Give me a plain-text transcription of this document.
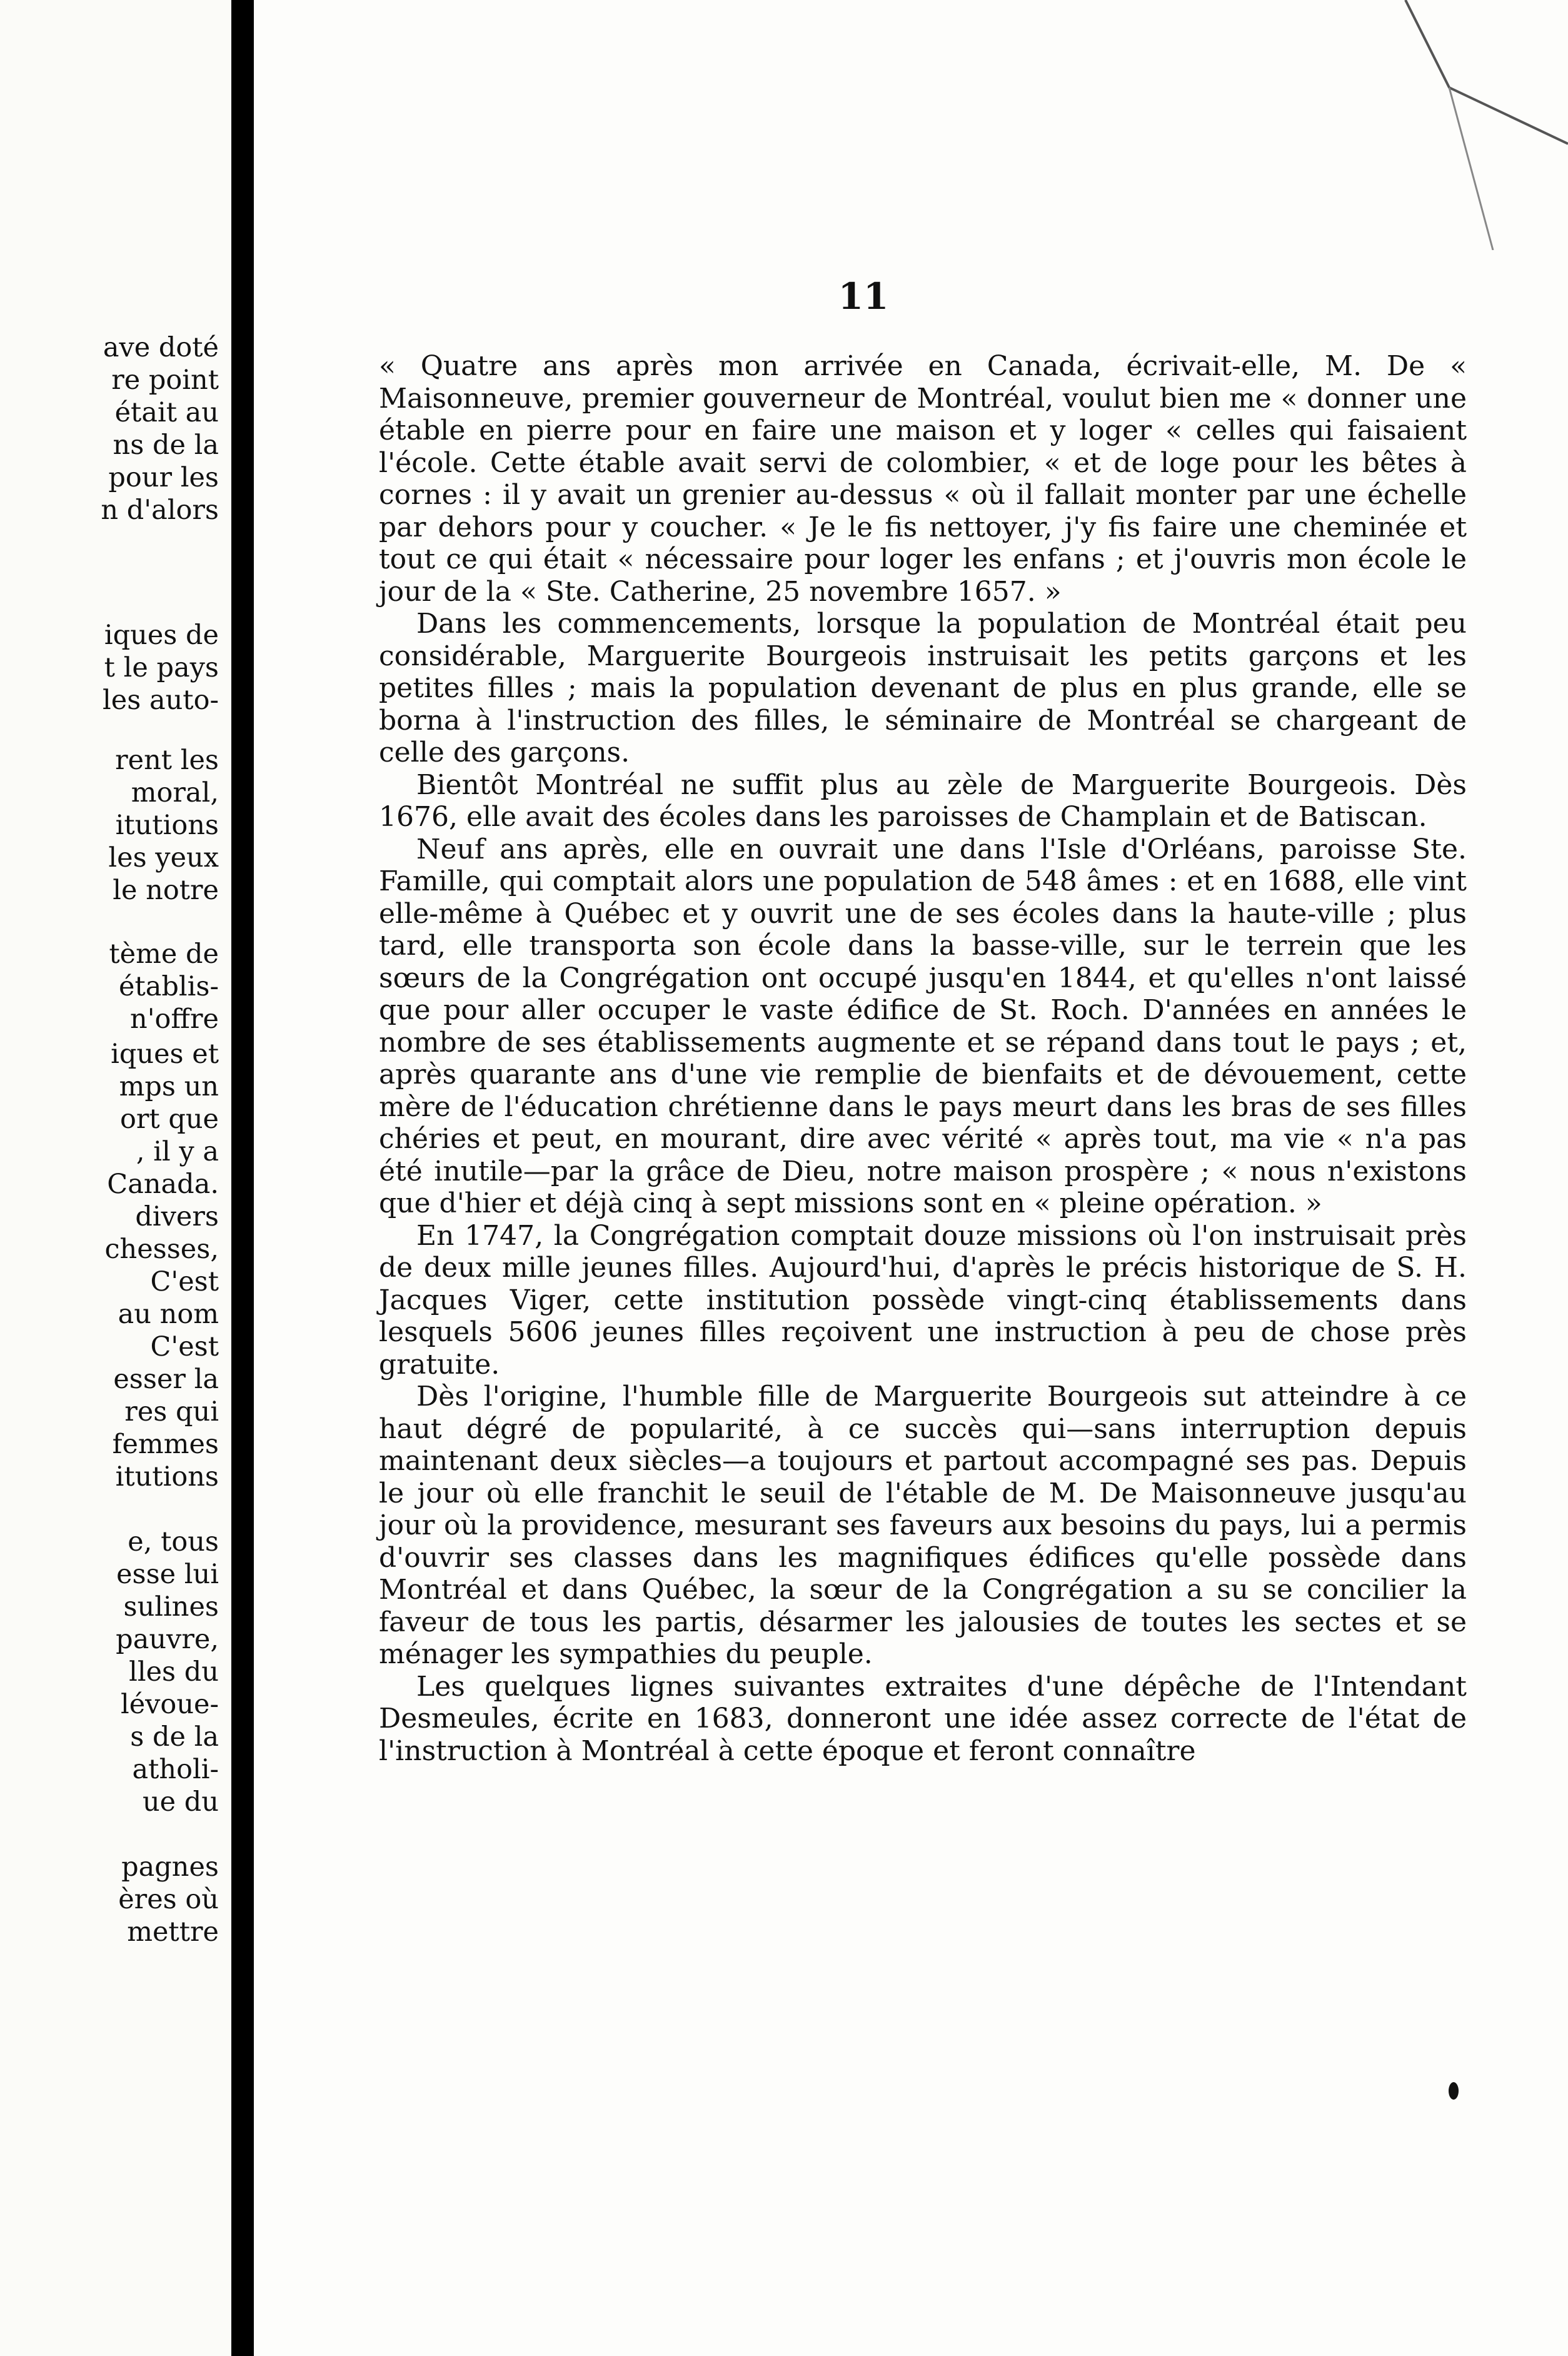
ave doté
re point
était au
ns de la
pour les
n d'alors
iques de
t le pays
les auto-
rent les
moral,
itutions
les yeux
le notre
tème de
établis-
n'offre
iques et
mps un
ort que
, il y a
Canada.
divers
chesses,
C'est
au nom
C'est
esser la
res qui
femmes
itutions
e, tous
esse lui
sulines
pauvre,
lles du
lévoue-
s de la
atholi-
ue du
pagnes
ères où
mettre
11

« Quatre ans après mon arrivée en Canada, écrivait-elle, M. De « Maisonneuve, premier gouverneur de Montréal, voulut bien me « donner une étable en pierre pour en faire une maison et y loger « celles qui faisaient l'école. Cette étable avait servi de colombier, « et de loge pour les bêtes à cornes : il y avait un grenier au-dessus « où il fallait monter par une échelle par dehors pour y coucher. « Je le fis nettoyer, j'y fis faire une cheminée et tout ce qui était « nécessaire pour loger les enfans ; et j'ouvris mon école le jour de la « Ste. Catherine, 25 novembre 1657. »

Dans les commencements, lorsque la population de Montréal était peu considérable, Marguerite Bourgeois instruisait les petits garçons et les petites filles ; mais la population devenant de plus en plus grande, elle se borna à l'instruction des filles, le séminaire de Montréal se chargeant de celle des garçons.

Bientôt Montréal ne suffit plus au zèle de Marguerite Bourgeois. Dès 1676, elle avait des écoles dans les paroisses de Champlain et de Batiscan.

Neuf ans après, elle en ouvrait une dans l'Isle d'Orléans, paroisse Ste. Famille, qui comptait alors une population de 548 âmes : et en 1688, elle vint elle-même à Québec et y ouvrit une de ses écoles dans la haute-ville ; plus tard, elle transporta son école dans la basse-ville, sur le terrein que les sœurs de la Congrégation ont occupé jusqu'en 1844, et qu'elles n'ont laissé que pour aller occuper le vaste édifice de St. Roch. D'années en années le nombre de ses établissements augmente et se répand dans tout le pays ; et, après quarante ans d'une vie remplie de bienfaits et de dévouement, cette mère de l'éducation chrétienne dans le pays meurt dans les bras de ses filles chéries et peut, en mourant, dire avec vérité « après tout, ma vie « n'a pas été inutile—par la grâce de Dieu, notre maison prospère ; « nous n'existons que d'hier et déjà cinq à sept missions sont en « pleine opération. »

En 1747, la Congrégation comptait douze missions où l'on instruisait près de deux mille jeunes filles. Aujourd'hui, d'après le précis historique de S. H. Jacques Viger, cette institution possède vingt-cinq établissements dans lesquels 5606 jeunes filles reçoivent une instruction à peu de chose près gratuite.

Dès l'origine, l'humble fille de Marguerite Bourgeois sut atteindre à ce haut dégré de popularité, à ce succès qui—sans interruption depuis maintenant deux siècles—a toujours et partout accompagné ses pas. Depuis le jour où elle franchit le seuil de l'étable de M. De Maisonneuve jusqu'au jour où la providence, mesurant ses faveurs aux besoins du pays, lui a permis d'ouvrir ses classes dans les magnifiques édifices qu'elle possède dans Montréal et dans Québec, la sœur de la Congrégation a su se concilier la faveur de tous les partis, désarmer les jalousies de toutes les sectes et se ménager les sympathies du peuple.

Les quelques lignes suivantes extraites d'une dépêche de l'Intendant Desmeules, écrite en 1683, donneront une idée assez correcte de l'état de l'instruction à Montréal à cette époque et feront connaître
